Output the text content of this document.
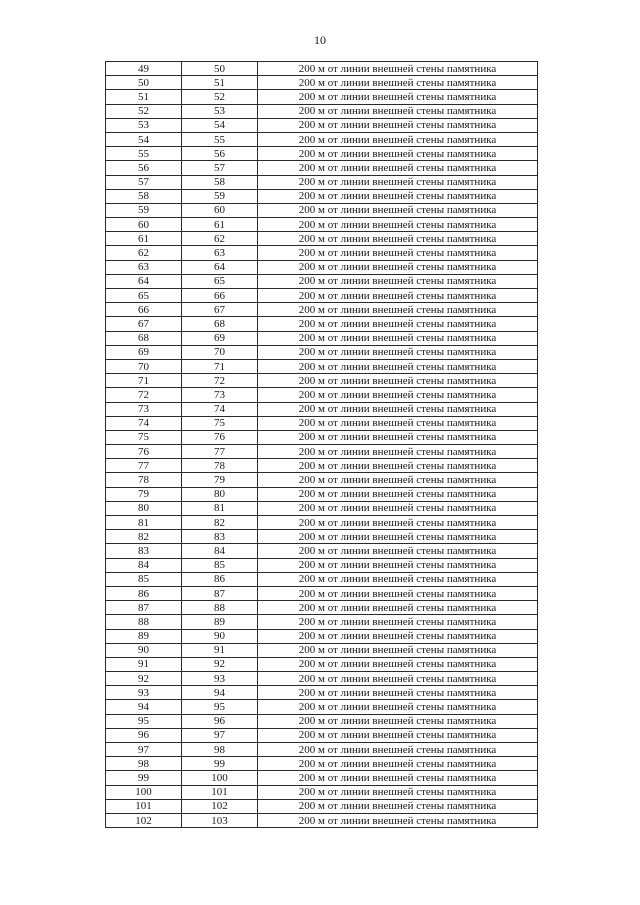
10
49	50	200 м от линии внешней стены памятника
50	51	200 м от линии внешней стены памятника
51	52	200 м от линии внешней стены памятника
52	53	200 м от линии внешней стены памятника
53	54	200 м от линии внешней стены памятника
54	55	200 м от линии внешней стены памятника
55	56	200 м от линии внешней стены памятника
56	57	200 м от линии внешней стены памятника
57	58	200 м от линии внешней стены памятника
58	59	200 м от линии внешней стены памятника
59	60	200 м от линии внешней стены памятника
60	61	200 м от линии внешней стены памятника
61	62	200 м от линии внешней стены памятника
62	63	200 м от линии внешней стены памятника
63	64	200 м от линии внешней стены памятника
64	65	200 м от линии внешней стены памятника
65	66	200 м от линии внешней стены памятника
66	67	200 м от линии внешней стены памятника
67	68	200 м от линии внешней стены памятника
68	69	200 м от линии внешней стены памятника
69	70	200 м от линии внешней стены памятника
70	71	200 м от линии внешней стены памятника
71	72	200 м от линии внешней стены памятника
72	73	200 м от линии внешней стены памятника
73	74	200 м от линии внешней стены памятника
74	75	200 м от линии внешней стены памятника
75	76	200 м от линии внешней стены памятника
76	77	200 м от линии внешней стены памятника
77	78	200 м от линии внешней стены памятника
78	79	200 м от линии внешней стены памятника
79	80	200 м от линии внешней стены памятника
80	81	200 м от линии внешней стены памятника
81	82	200 м от линии внешней стены памятника
82	83	200 м от линии внешней стены памятника
83	84	200 м от линии внешней стены памятника
84	85	200 м от линии внешней стены памятника
85	86	200 м от линии внешней стены памятника
86	87	200 м от линии внешней стены памятника
87	88	200 м от линии внешней стены памятника
88	89	200 м от линии внешней стены памятника
89	90	200 м от линии внешней стены памятника
90	91	200 м от линии внешней стены памятника
91	92	200 м от линии внешней стены памятника
92	93	200 м от линии внешней стены памятника
93	94	200 м от линии внешней стены памятника
94	95	200 м от линии внешней стены памятника
95	96	200 м от линии внешней стены памятника
96	97	200 м от линии внешней стены памятника
97	98	200 м от линии внешней стены памятника
98	99	200 м от линии внешней стены памятника
99	100	200 м от линии внешней стены памятника
100	101	200 м от линии внешней стены памятника
101	102	200 м от линии внешней стены памятника
102	103	200 м от линии внешней стены памятника
